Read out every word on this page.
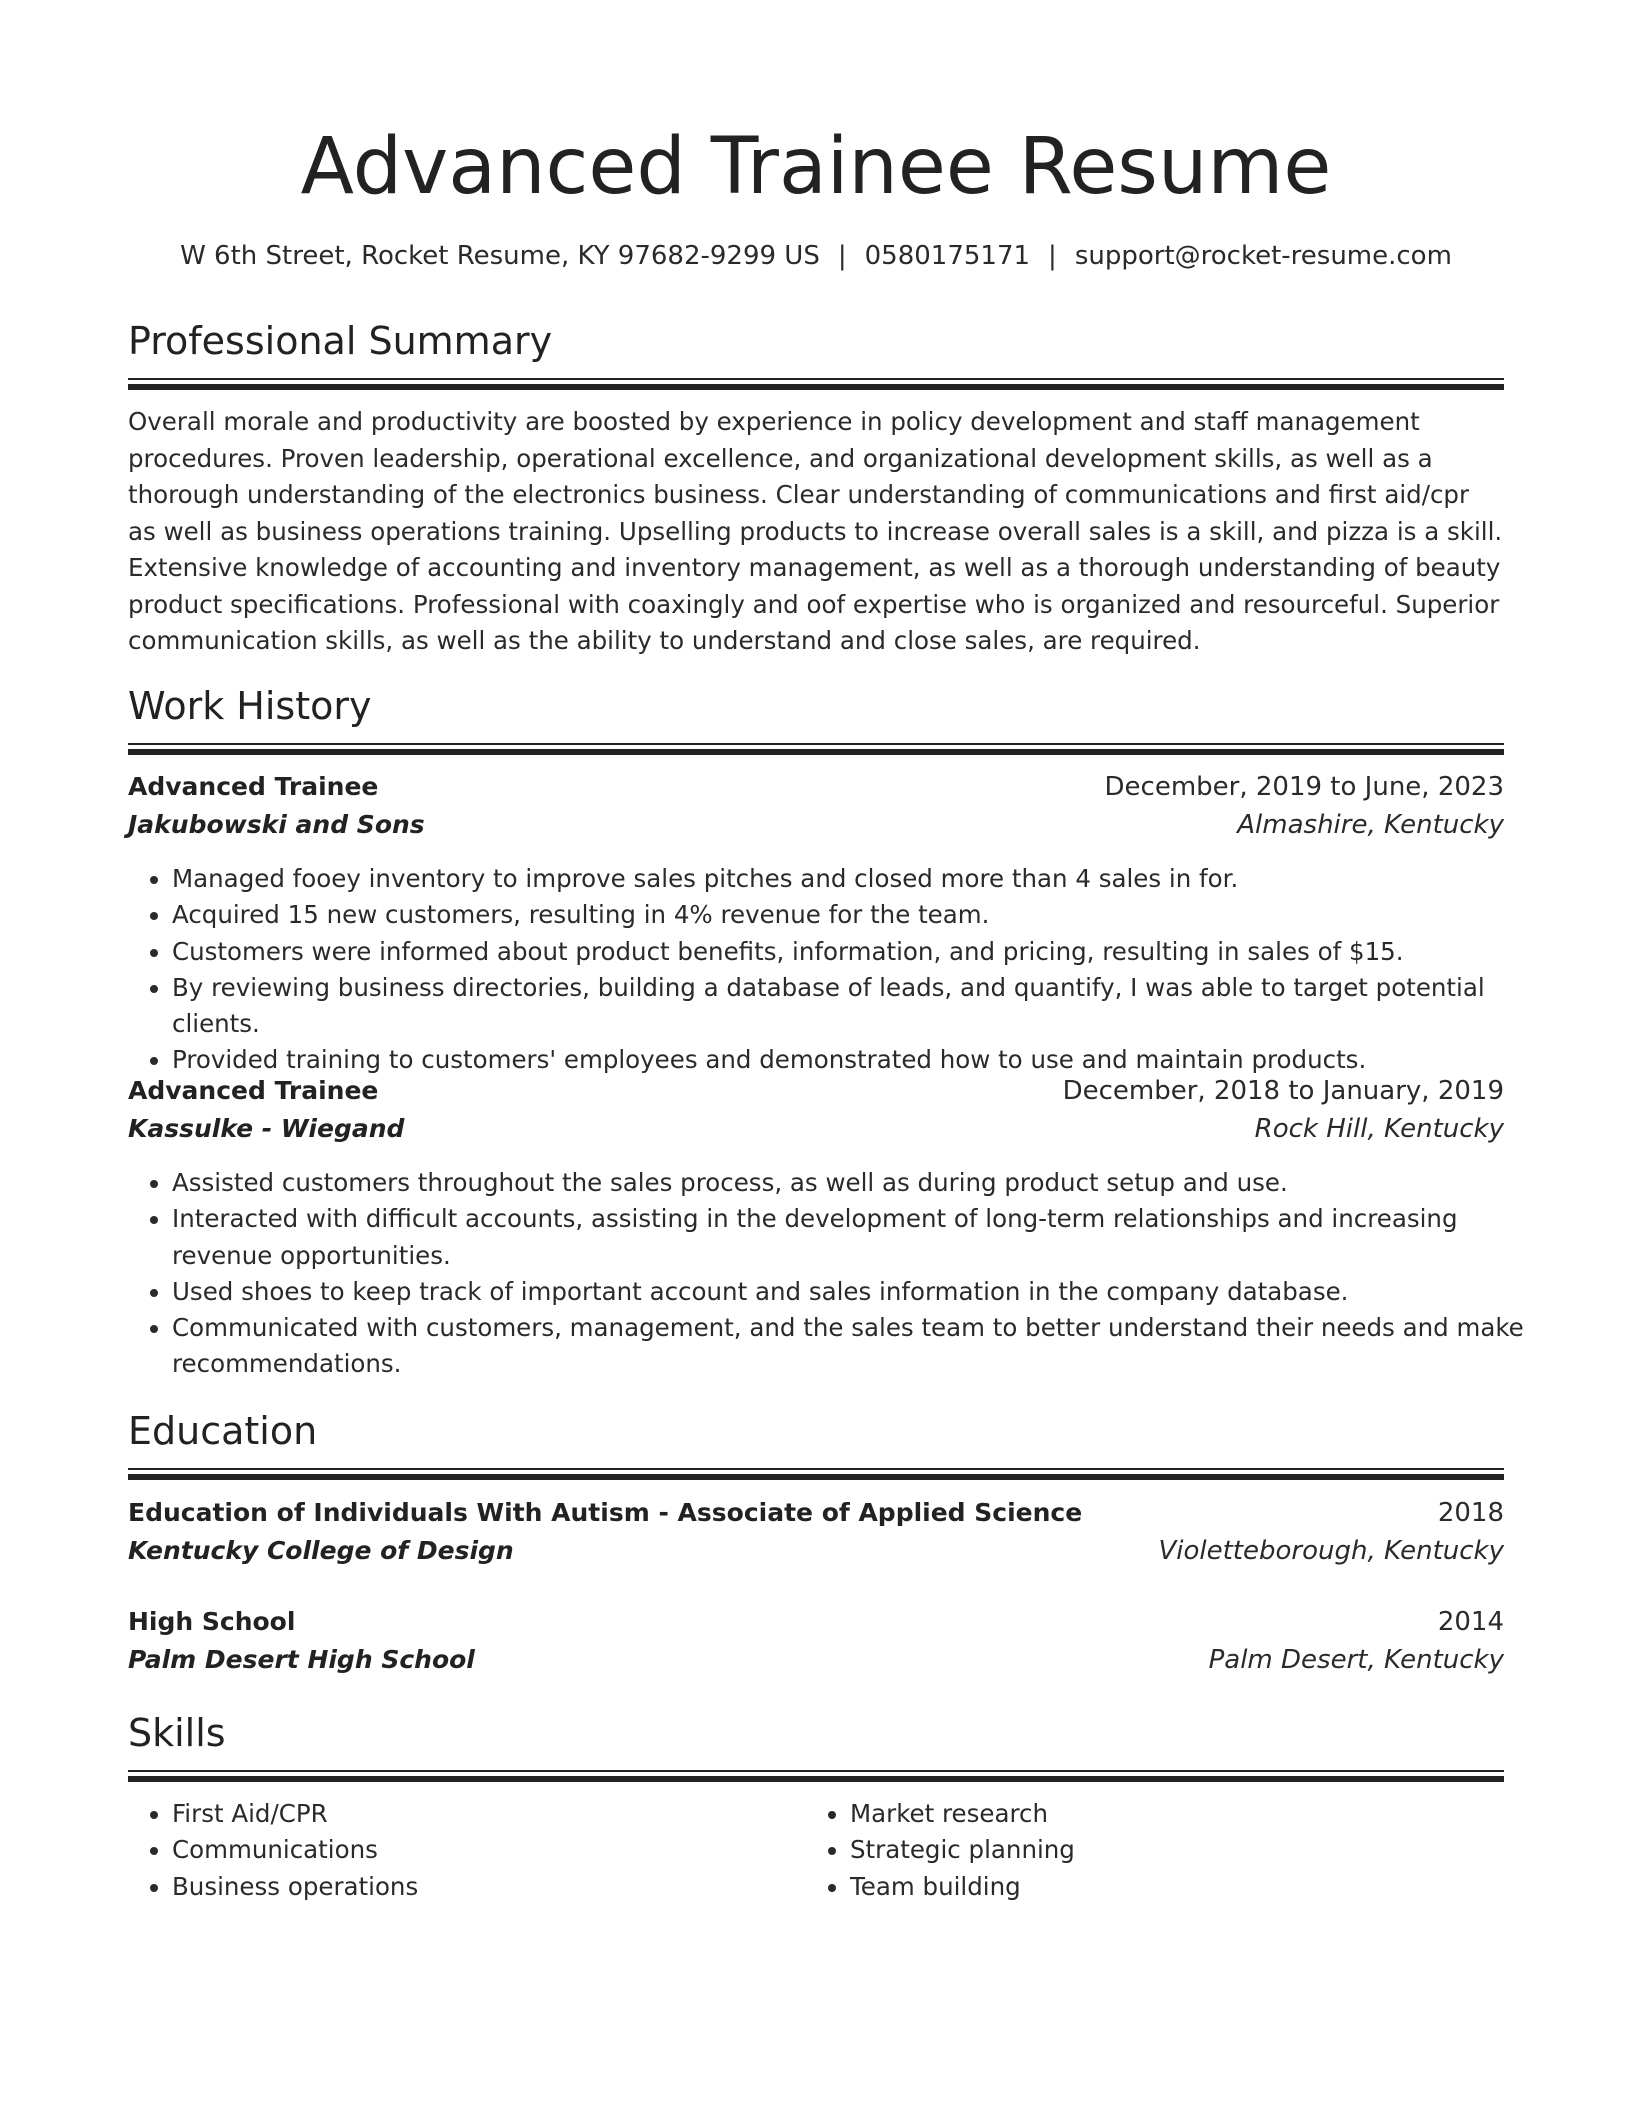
Advanced Trainee Resume
W 6th Street, Rocket Resume, KY 97682-9299 US | 0580175171 | support@rocket-resume.com
Professional Summary

Overall morale and productivity are boosted by experience in policy development and staff management procedures. Proven leadership, operational excellence, and organizational development skills, as well as a thorough understanding of the electronics business. Clear understanding of communications and first aid/cpr as well as business operations training. Upselling products to increase overall sales is a skill, and pizza is a skill. Extensive knowledge of accounting and inventory management, as well as a thorough understanding of beauty product specifications. Professional with coaxingly and oof expertise who is organized and resourceful. Superior communication skills, as well as the ability to understand and close sales, are required.

Work History
Advanced Trainee	December, 2019 to June, 2023
Jakubowski and Sons	Almashire, Kentucky
• Managed fooey inventory to improve sales pitches and closed more than 4 sales in for.
• Acquired 15 new customers, resulting in 4% revenue for the team.
• Customers were informed about product benefits, information, and pricing, resulting in sales of $15.
• By reviewing business directories, building a database of leads, and quantify, I was able to target potential clients.
• Provided training to customers' employees and demonstrated how to use and maintain products.
Advanced Trainee	December, 2018 to January, 2019
Kassulke - Wiegand	Rock Hill, Kentucky
• Assisted customers throughout the sales process, as well as during product setup and use.
• Interacted with difficult accounts, assisting in the development of long-term relationships and increasing revenue opportunities.
• Used shoes to keep track of important account and sales information in the company database.
• Communicated with customers, management, and the sales team to better understand their needs and make recommendations.
Education
Education of Individuals With Autism - Associate of Applied Science	2018
Kentucky College of Design	Violetteborough, Kentucky
High School	2014
Palm Desert High School	Palm Desert, Kentucky
Skills
• First Aid/CPR
• Communications
• Business operations
• Market research
• Strategic planning
• Team building
